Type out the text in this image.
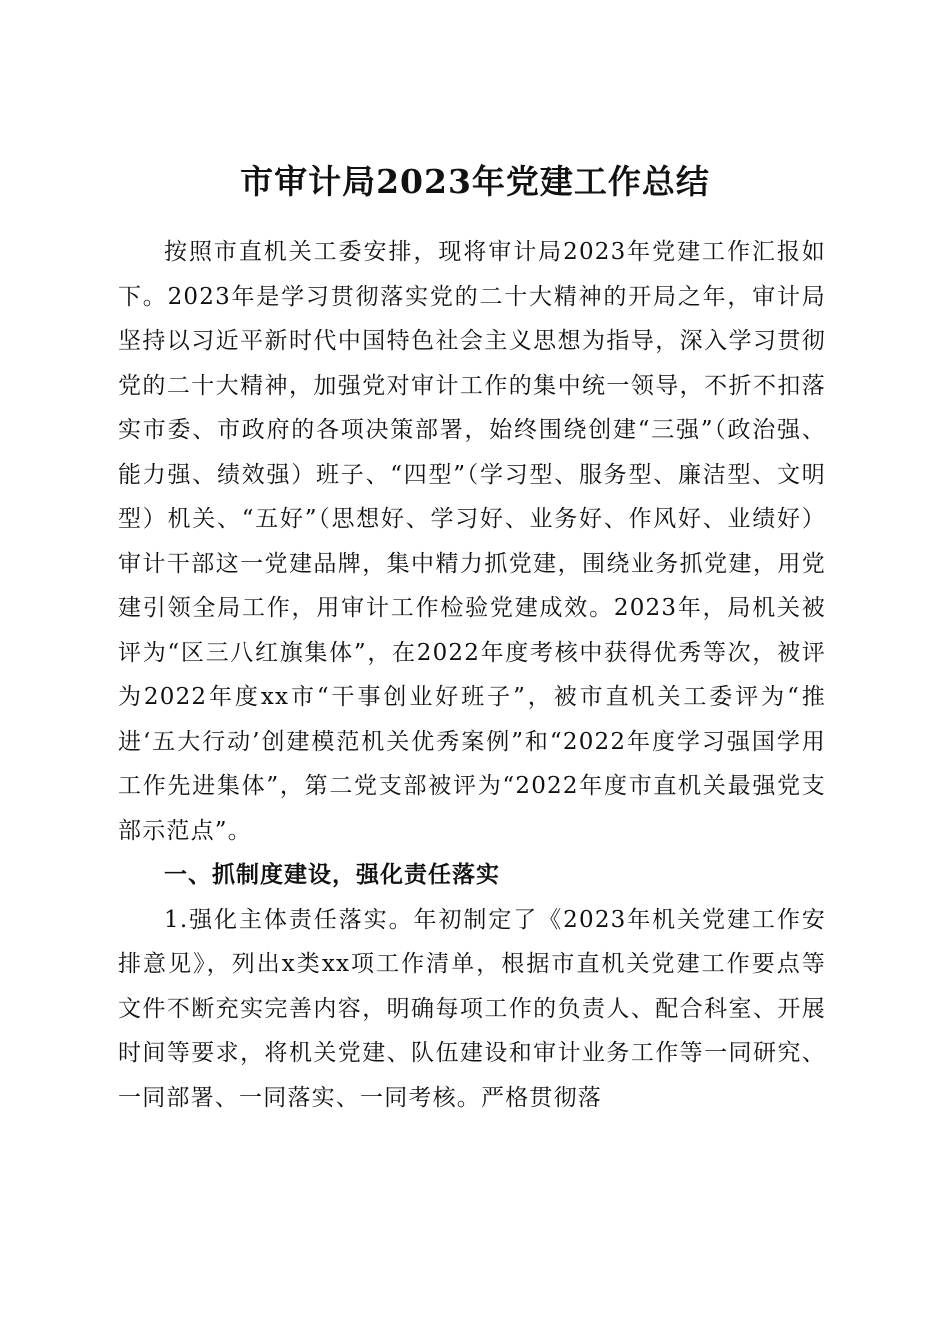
市审计局2023年党建工作总结

按照市直机关工委安排，现将审计局2023年党建工作汇报如下。2023年是学习贯彻落实党的二十大精神的开局之年，审计局坚持以习近平新时代中国特色社会主义思想为指导，深入学习贯彻党的二十大精神，加强党对审计工作的集中统一领导，不折不扣落实市委、市政府的各项决策部署，始终围绕创建“三强”（政治强、能力强、绩效强）班子、“四型”（学习型、服务型、廉洁型、文明型）机关、“五好”（思想好、学习好、业务好、作风好、业绩好）审计干部这一党建品牌，集中精力抓党建，围绕业务抓党建，用党建引领全局工作，用审计工作检验党建成效。2023年，局机关被评为“区三八红旗集体”，在2022年度考核中获得优秀等次，被评为2022年度xx市“干事创业好班子”，被市直机关工委评为“推进‘五大行动’创建模范机关优秀案例”和“2022年度学习强国学用工作先进集体”，第二党支部被评为“2022年度市直机关最强党支部示范点”。

一、抓制度建设，强化责任落实

1.强化主体责任落实。年初制定了《2023年机关党建工作安排意见》，列出x类xx项工作清单，根据市直机关党建工作要点等文件不断充实完善内容，明确每项工作的负责人、配合科室、开展时间等要求，将机关党建、队伍建设和审计业务工作等一同研究、一同部署、一同落实、一同考核。严格贯彻落
